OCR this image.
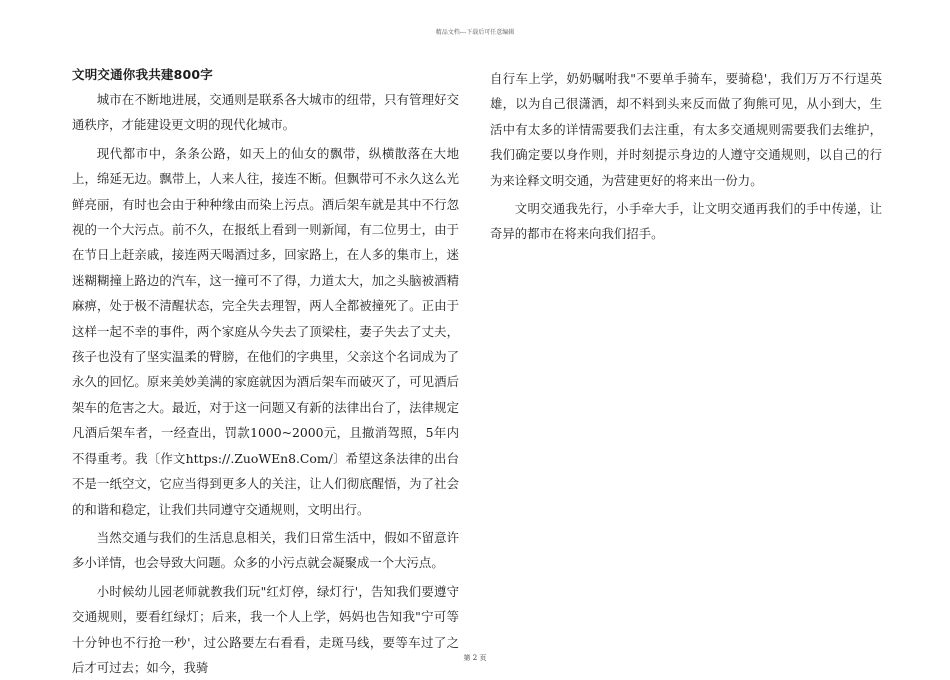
精品文档---下载后可任意编辑
文明交通你我共建800字

城市在不断地进展，交通则是联系各大城市的纽带，只有管理好交通秩序，才能建设更文明的现代化城市。

现代都市中，条条公路，如天上的仙女的飘带，纵横散落在大地上，绵延无边。飘带上，人来人往，接连不断。但飘带可不永久这么光鲜亮丽，有时也会由于种种缘由而染上污点。酒后架车就是其中不行忽视的一个大污点。前不久，在报纸上看到一则新闻，有二位男士，由于在节日上赶亲戚，接连两天喝酒过多，回家路上，在人多的集市上，迷迷糊糊撞上路边的汽车，这一撞可不了得，力道太大，加之头脑被酒精麻痹，处于极不清醒状态，完全失去理智，两人全都被撞死了。正由于这样一起不幸的事件，两个家庭从今失去了顶梁柱，妻子失去了丈夫，孩子也没有了坚实温柔的臂膀，在他们的字典里，父亲这个名词成为了永久的回忆。原来美妙美满的家庭就因为酒后架车而破灭了，可见酒后架车的危害之大。最近，对于这一问题又有新的法律出台了，法律规定凡酒后架车者，一经查出，罚款1000~2000元，且撤消驾照，5年内不得重考。我〔作文https://.ZuoWEn8.Com/〕希望这条法律的出台不是一纸空文，它应当得到更多人的关注，让人们彻底醒悟，为了社会的和谐和稳定，让我们共同遵守交通规则，文明出行。

当然交通与我们的生活息息相关，我们日常生活中，假如不留意许多小详情，也会导致大问题。众多的小污点就会凝聚成一个大污点。

小时候幼儿园老师就教我们玩"红灯停，绿灯行'，告知我们要遵守交通规则，要看红绿灯；后来，我一个人上学，妈妈也告知我"宁可等十分钟也不行抢一秒'，过公路要左右看看，走斑马线，要等车过了之后才可过去；如今，我骑

自行车上学，奶奶嘱咐我"不要单手骑车，要骑稳'，我们万万不行逞英雄，以为自己很潇洒，却不料到头来反而做了狗熊可见，从小到大，生活中有太多的详情需要我们去注重，有太多交通规则需要我们去维护，我们确定要以身作则，并时刻提示身边的人遵守交通规则，以自己的行为来诠释文明交通，为营建更好的将来出一份力。

文明交通我先行，小手牵大手，让文明交通再我们的手中传递，让奇异的都市在将来向我们招手。

第 2 页
